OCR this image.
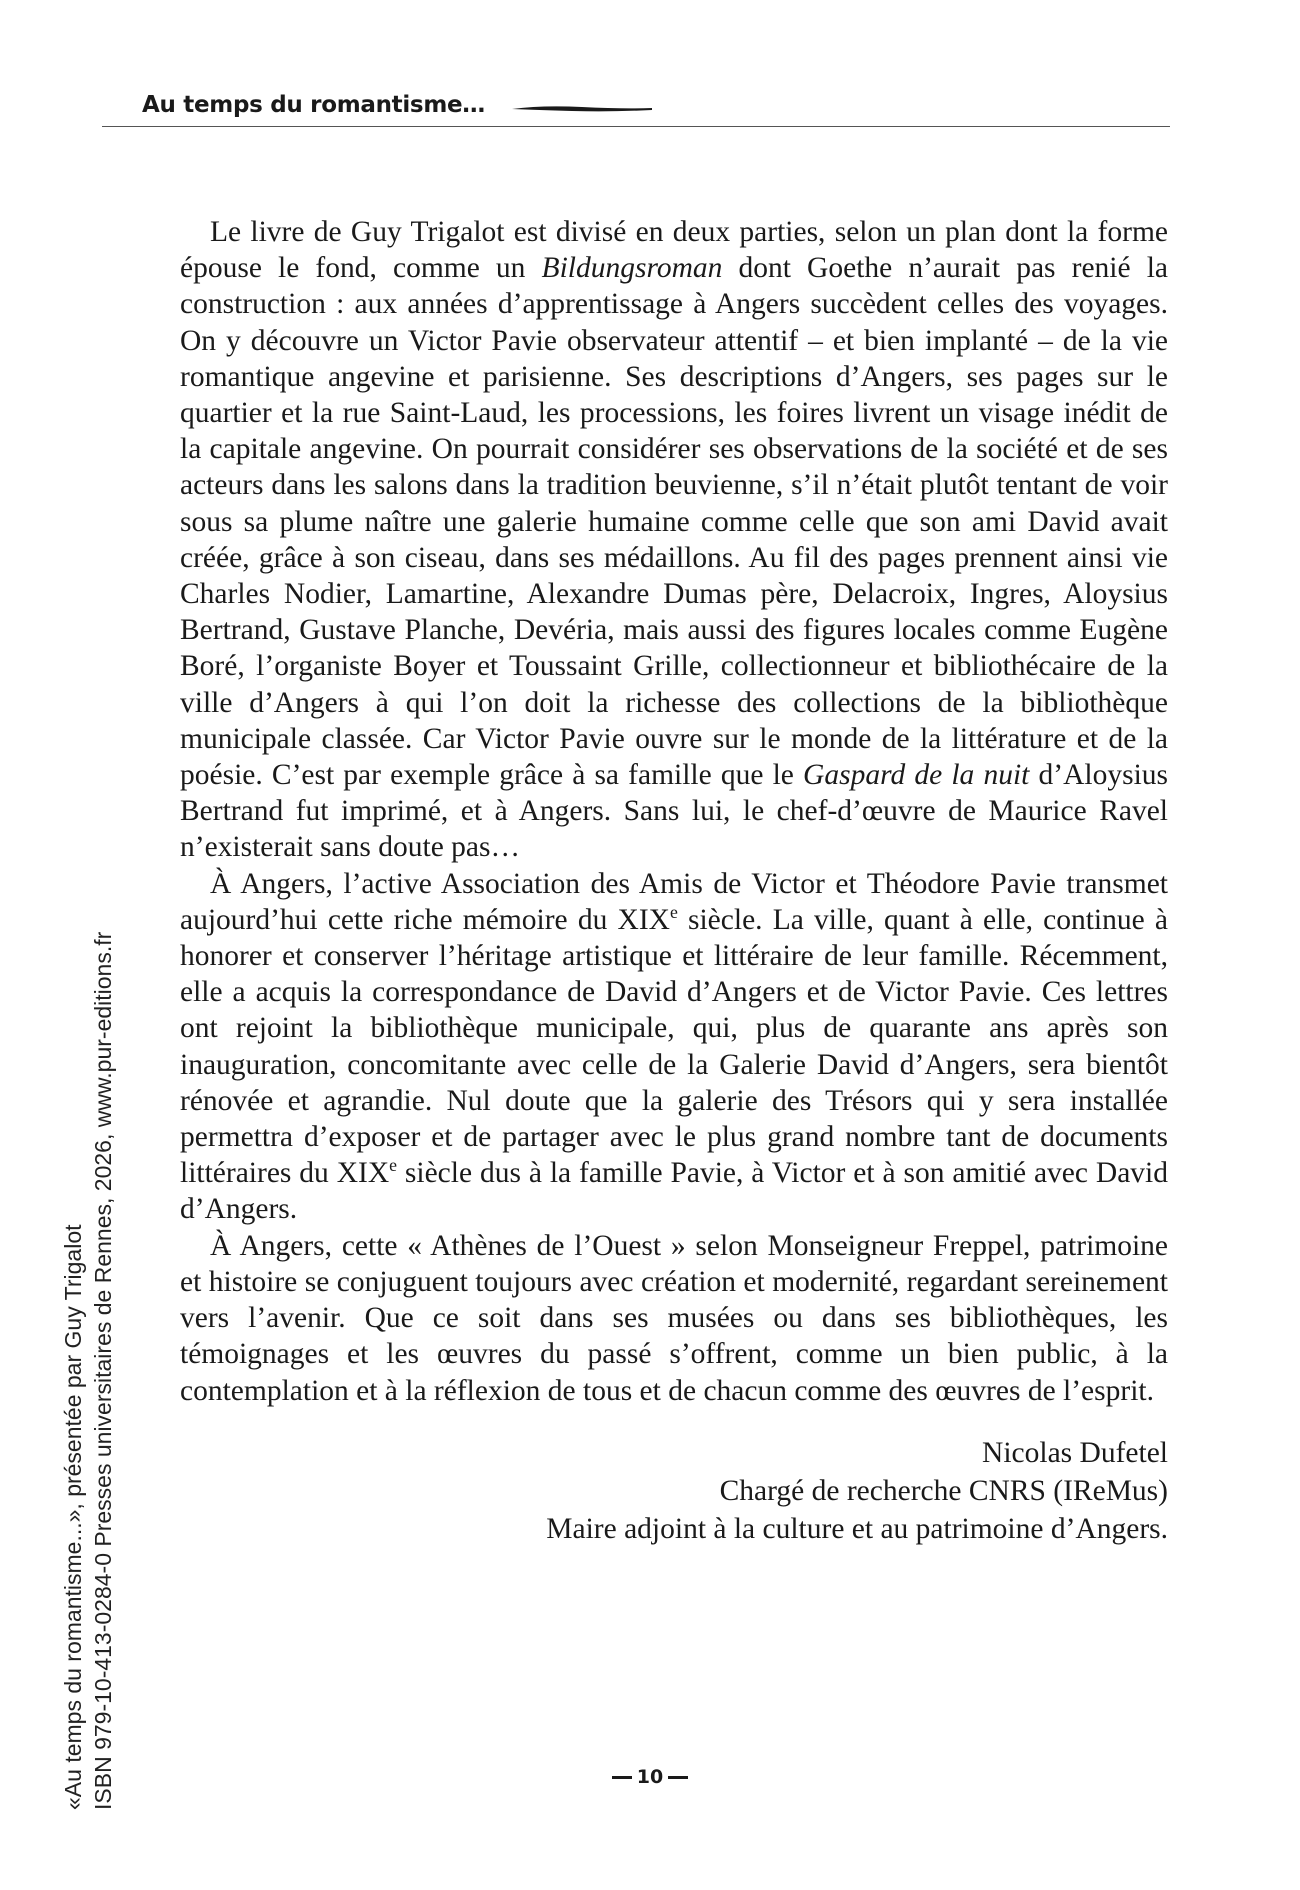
Au temps du romantisme…

Le livre de Guy Trigalot est divisé en deux parties, selon un plan dont la forme épouse le fond, comme un Bildungsroman dont Goethe n’aurait pas renié la construction : aux années d’apprentissage à Angers succèdent celles des voyages. On y découvre un Victor Pavie observateur attentif – et bien implanté – de la vie romantique angevine et parisienne. Ses descriptions d’Angers, ses pages sur le quartier et la rue Saint-Laud, les processions, les foires livrent un visage inédit de la capitale angevine. On pourrait considérer ses observations de la société et de ses acteurs dans les salons dans la tradition beuvienne, s’il n’était plutôt tentant de voir sous sa plume naître une galerie humaine comme celle que son ami David avait créée, grâce à son ciseau, dans ses médaillons. Au fil des pages prennent ainsi vie Charles Nodier, Lamartine, Alexandre Dumas père, Delacroix, Ingres, Aloysius Bertrand, Gustave Planche, Devéria, mais aussi des figures locales comme Eugène Boré, l’organiste Boyer et Toussaint Grille, collectionneur et bibliothécaire de la ville d’Angers à qui l’on doit la richesse des collections de la bibliothèque municipale classée. Car Victor Pavie ouvre sur le monde de la littérature et de la poésie. C’est par exemple grâce à sa famille que le Gaspard de la nuit d’Aloysius Bertrand fut imprimé, et à Angers. Sans lui, le chef-d’œuvre de Maurice Ravel n’existerait sans doute pas…

À Angers, l’active Association des Amis de Victor et Théodore Pavie transmet aujourd’hui cette riche mémoire du XIXe siècle. La ville, quant à elle, continue à honorer et conserver l’héritage artistique et littéraire de leur famille. Récemment, elle a acquis la correspondance de David d’Angers et de Victor Pavie. Ces lettres ont rejoint la bibliothèque municipale, qui, plus de quarante ans après son inauguration, concomitante avec celle de la Galerie David d’Angers, sera bientôt rénovée et agrandie. Nul doute que la galerie des Trésors qui y sera installée permettra d’exposer et de partager avec le plus grand nombre tant de documents littéraires du XIXe siècle dus à la famille Pavie, à Victor et à son amitié avec David d’Angers.

À Angers, cette « Athènes de l’Ouest » selon Monseigneur Freppel, patrimoine et histoire se conjuguent toujours avec création et modernité, regardant sereinement vers l’avenir. Que ce soit dans ses musées ou dans ses bibliothèques, les témoignages et les œuvres du passé s’offrent, comme un bien public, à la contemplation et à la réflexion de tous et de chacun comme des œuvres de l’esprit.

Nicolas Dufetel
Chargé de recherche CNRS (IReMus)
Maire adjoint à la culture et au patrimoine d’Angers.
«Au temps du romantisme...», présentée par Guy Trigalot ISBN 979-10-413-0284-0 Presses universitaires de Rennes, 2026, www.pur-editions.fr	10
